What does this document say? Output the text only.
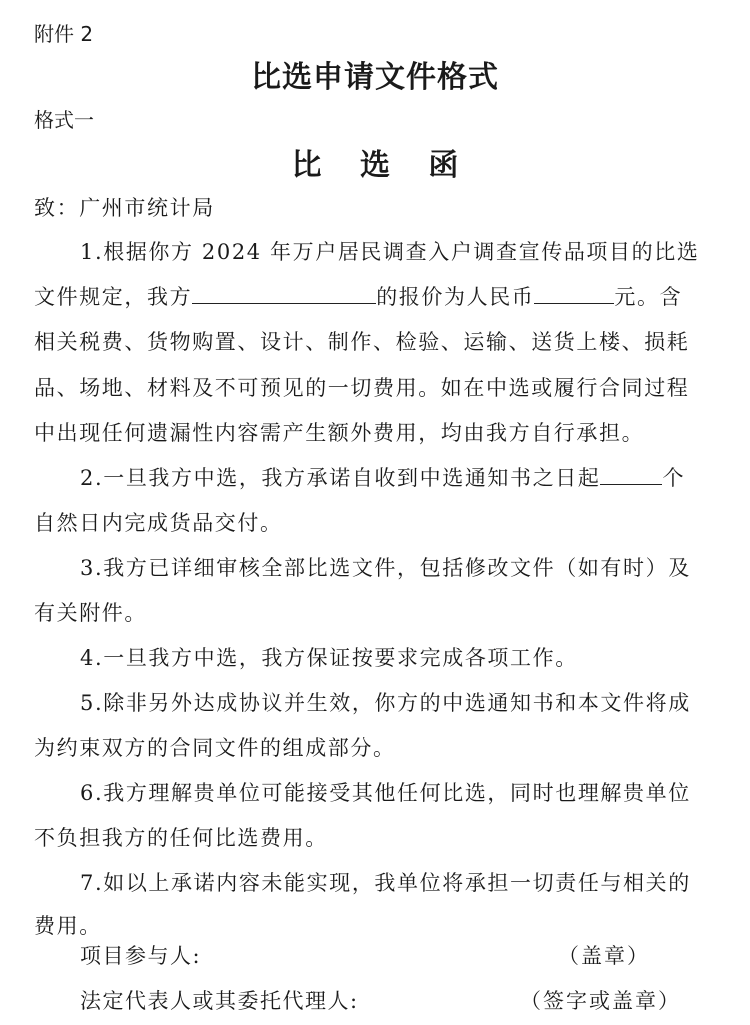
附件 2
比选申请文件格式
格式一
比 选 函
致：广州市统计局
1.根据你方 2024 年万户居民调查入户调查宣传品项目的比选
文件规定，我方	的报价为人民币	元。含
相关税费、货物购置、设计、制作、检验、运输、送货上楼、损耗
品、场地、材料及不可预见的一切费用。如在中选或履行合同过程
中出现任何遗漏性内容需产生额外费用，均由我方自行承担。
2.一旦我方中选，我方承诺自收到中选通知书之日起	个
自然日内完成货品交付。
3.我方已详细审核全部比选文件，包括修改文件（如有时）及
有关附件。
4.一旦我方中选，我方保证按要求完成各项工作。
5.除非另外达成协议并生效，你方的中选通知书和本文件将成
为约束双方的合同文件的组成部分。
6.我方理解贵单位可能接受其他任何比选，同时也理解贵单位
不负担我方的任何比选费用。
7.如以上承诺内容未能实现，我单位将承担一切责任与相关的
费用。
项目参与人:	（盖章）
法定代表人或其委托代理人:	（签字或盖章）
